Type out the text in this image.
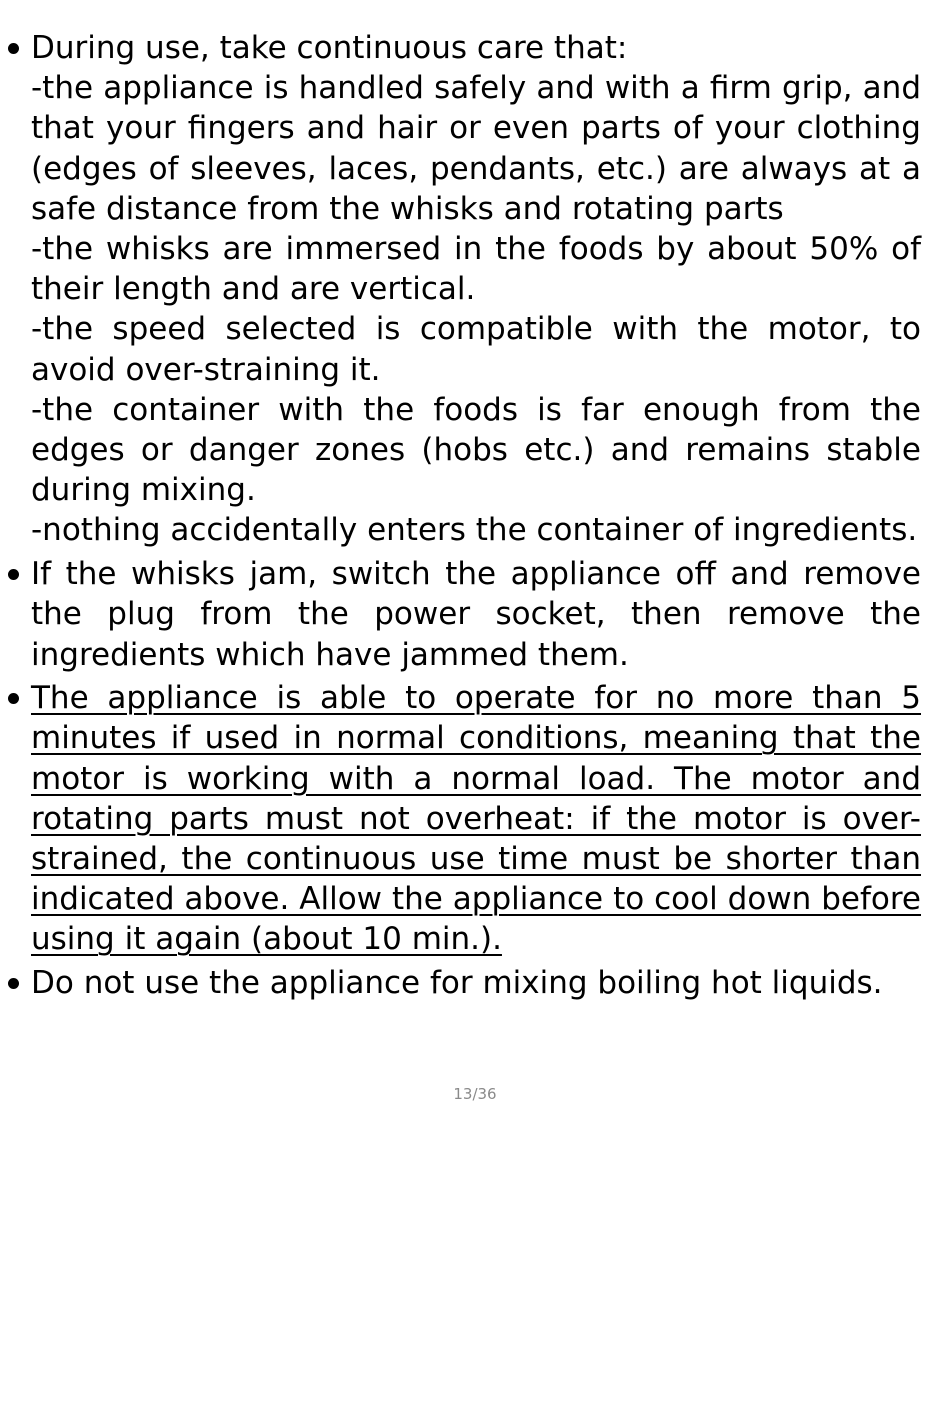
During use, take continuous care that:
-the appliance is handled safely and with a firm grip, and that your fingers and hair or even parts of your clothing (edges of sleeves, laces, pendants, etc.) are always at a safe distance from the whisks and rotating parts
-the whisks are immersed in the foods by about 50% of their length and are vertical.
-the speed selected is compatible with the motor, to avoid over-straining it.
-the container with the foods is far enough from the edges or danger zones (hobs etc.) and remains stable during mixing.
-nothing accidentally enters the container of ingredients.
If the whisks jam, switch the appliance off and remove the plug from the power socket, then remove the ingredients which have jammed them.
The appliance is able to operate for no more than 5 minutes if used in normal conditions, meaning that the motor is working with a normal load. The motor and rotating parts must not overheat: if the motor is over-strained, the continuous use time must be shorter than indicated above. Allow the appliance to cool down before using it again (about 10 min.).
Do not use the appliance for mixing boiling hot liquids.
13/36
